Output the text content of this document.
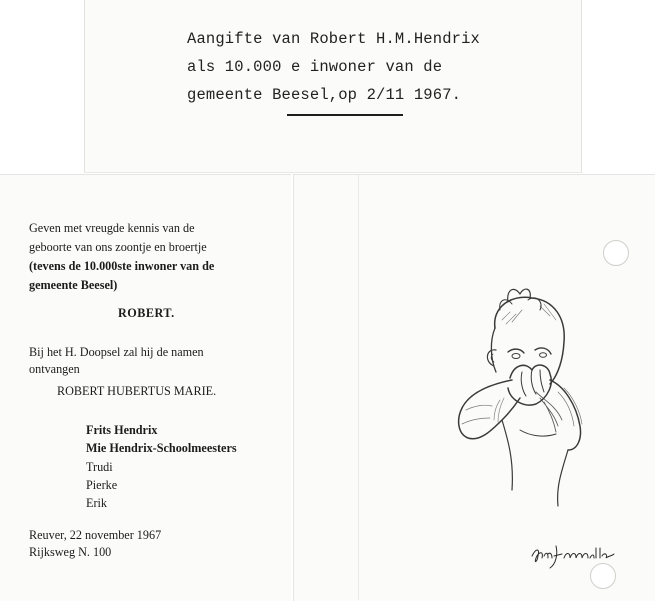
Aangifte van Robert H.M.Hendrix
als 10.000 e inwoner van de
gemeente Beesel,op 2/11 1967.
Geven met vreugde kennis van de
geboorte van ons zoontje en broertje
(tevens de 10.000ste inwoner van de
gemeente Beesel)
ROBERT.
Bij het H. Doopsel zal hij de namen
ontvangen
ROBERT HUBERTUS MARIE.
Frits Hendrix
Mie Hendrix-Schoolmeesters
Trudi
Pierke
Erik
Reuver, 22 november 1967
Rijksweg N. 100
